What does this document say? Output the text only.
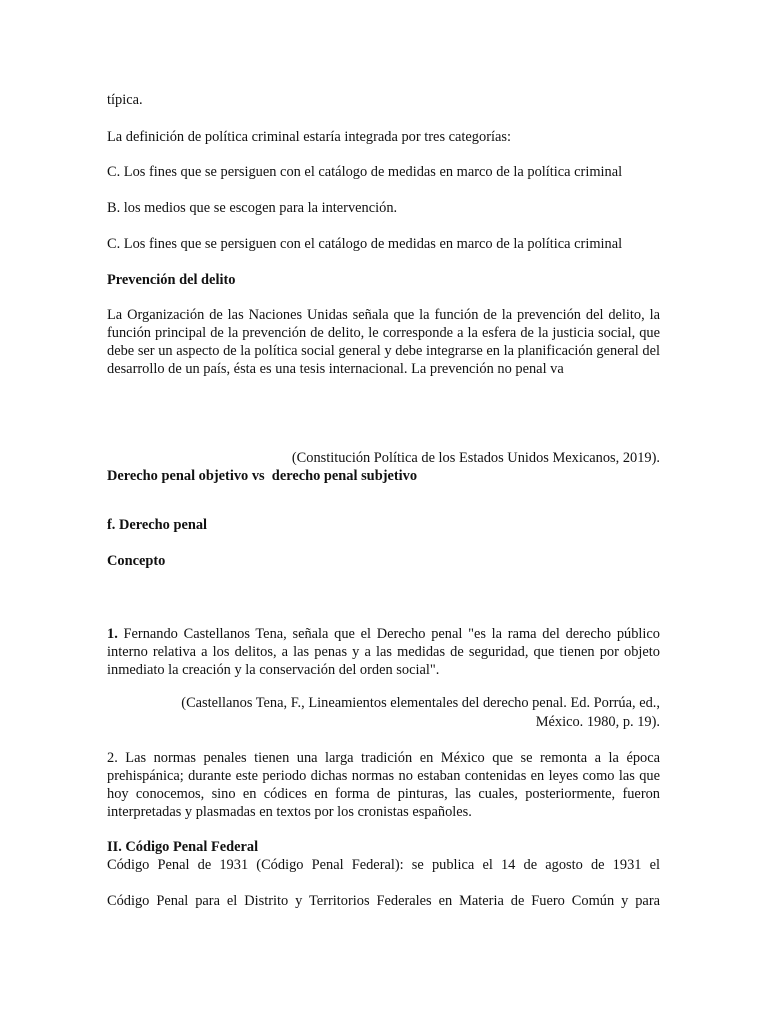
típica.
La definición de política criminal estaría integrada por tres categorías:
C. Los fines que se persiguen con el catálogo de medidas en marco de la política criminal
B. los medios que se escogen para la intervención.
C. Los fines que se persiguen con el catálogo de medidas en marco de la política criminal
Prevención del delito
La Organización de las Naciones Unidas señala que la función de la prevención del delito, la función principal de la prevención de delito, le corresponde a la esfera de la justicia social, que debe ser un aspecto de la política social general y debe integrarse en la planificación general del desarrollo de un país, ésta es una tesis internacional. La prevención no penal va
(Constitución Política de los Estados Unidos Mexicanos, 2019).
Derecho penal objetivo vs  derecho penal subjetivo
f. Derecho penal
Concepto
1. Fernando Castellanos Tena, señala que el Derecho penal "es la rama del derecho público interno relativa a los delitos, a las penas y a las medidas de seguridad, que tienen por objeto inmediato la creación y la conservación del orden social".
(Castellanos Tena, F., Lineamientos elementales del derecho penal. Ed. Porrúa, ed.,
México. 1980, p. 19).
2. Las normas penales tienen una larga tradición en México que se remonta a la época prehispánica; durante este periodo dichas normas no estaban contenidas en leyes como las que hoy conocemos, sino en códices en forma de pinturas, las cuales, posteriormente, fueron interpretadas y plasmadas en textos por los cronistas españoles.
II. Código Penal Federal
Código Penal de 1931 (Código Penal Federal): se publica el 14 de agosto de 1931 el
Código Penal para el Distrito y Territorios Federales en Materia de Fuero Común y para
